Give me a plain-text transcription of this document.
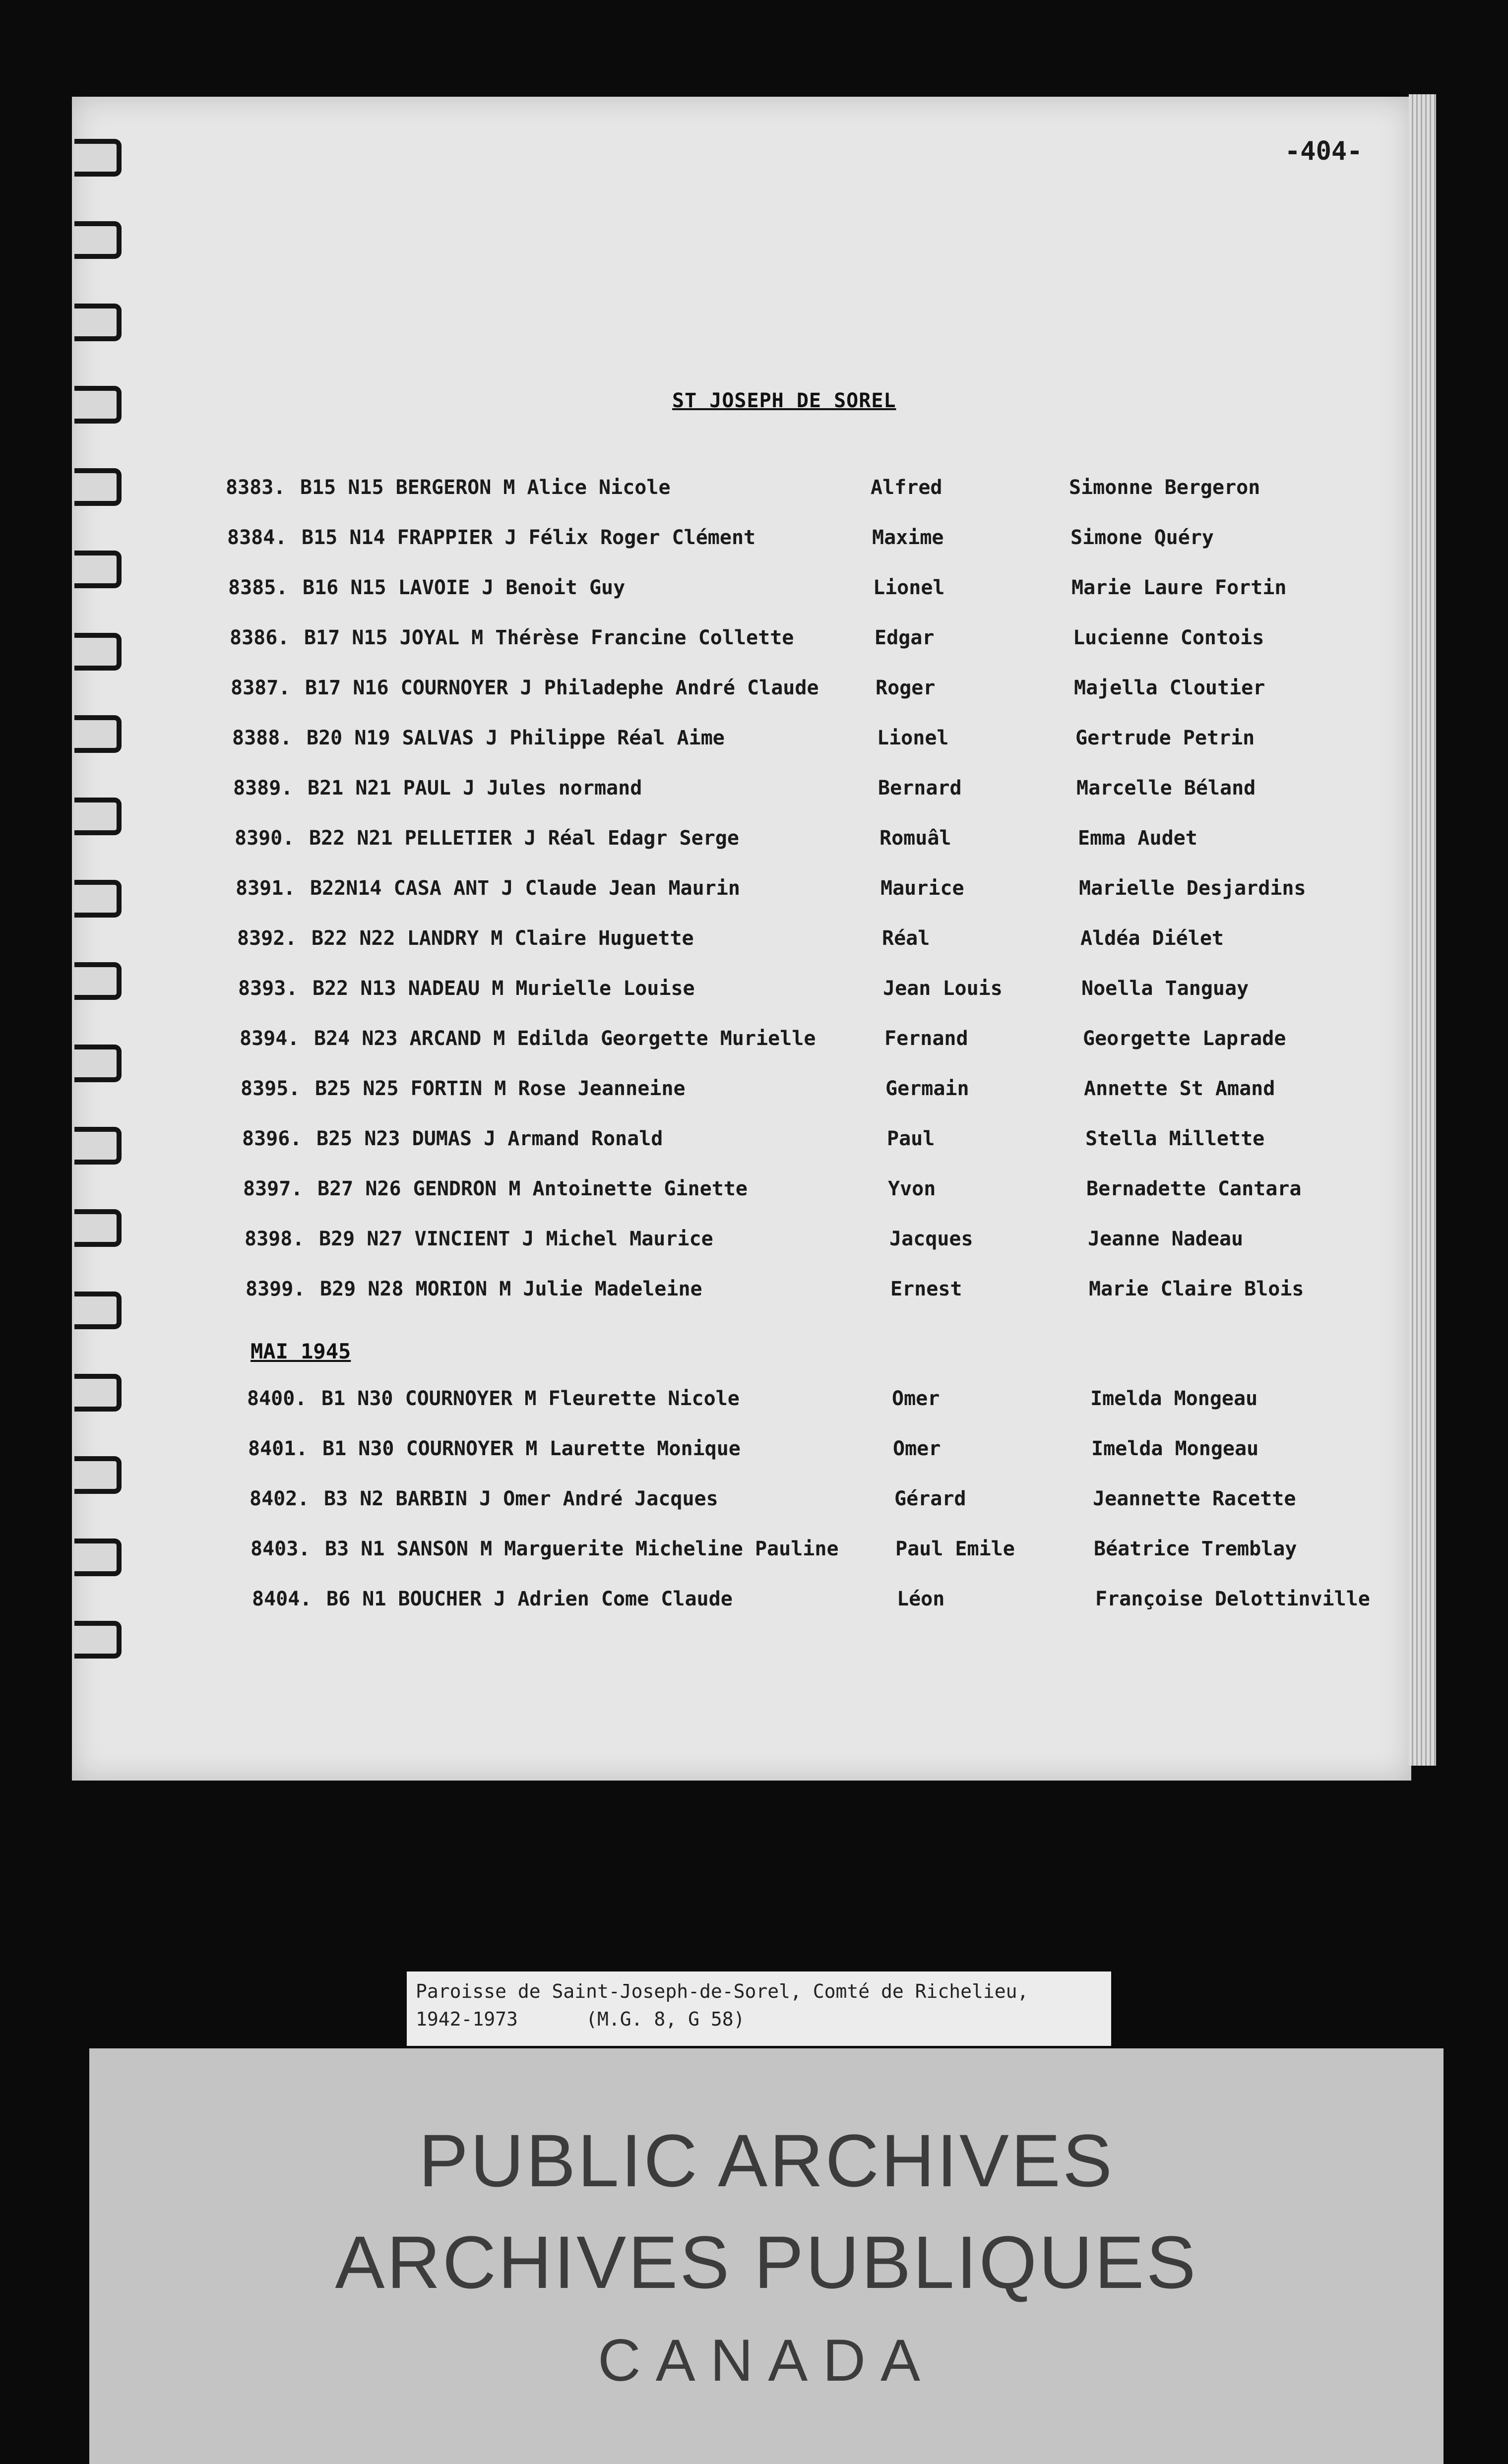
-404-
ST JOSEPH DE SOREL
8383. B15 N15 BERGERON M Alice Nicole	Alfred	Simonne Bergeron
8384. B15 N14 FRAPPIER J Félix Roger Clément	Maxime	Simone Quéry
8385. B16 N15 LAVOIE J Benoit Guy	Lionel	Marie Laure Fortin
8386. B17 N15 JOYAL M Thérèse Francine Collette	Edgar	Lucienne Contois
8387. B17 N16 COURNOYER J Philadephe André Claude	Roger	Majella Cloutier
8388. B20 N19 SALVAS J Philippe Réal Aime	Lionel	Gertrude Petrin
8389. B21 N21 PAUL J Jules normand	Bernard	Marcelle Béland
8390. B22 N21 PELLETIER J Réal Edagr Serge	Romuâl	Emma Audet
8391. B22N14 CASA ANT J Claude Jean Maurin	Maurice	Marielle Desjardins
8392. B22 N22 LANDRY M Claire Huguette	Réal	Aldéa Diélet
8393. B22 N13 NADEAU M Murielle Louise	Jean Louis	Noella Tanguay
8394. B24 N23 ARCAND M Edilda Georgette Murielle	Fernand	Georgette Laprade
8395. B25 N25 FORTIN M Rose Jeanneine	Germain	Annette St Amand
8396. B25 N23 DUMAS J Armand Ronald	Paul	Stella Millette
8397. B27 N26 GENDRON M Antoinette Ginette	Yvon	Bernadette Cantara
8398. B29 N27 VINCIENT J Michel Maurice	Jacques	Jeanne Nadeau
8399. B29 N28 MORION M Julie Madeleine	Ernest	Marie Claire Blois
8400. B1 N30 COURNOYER M Fleurette Nicole	Omer	Imelda Mongeau
8401. B1 N30 COURNOYER M Laurette Monique	Omer	Imelda Mongeau
8402. B3 N2 BARBIN J Omer André Jacques	Gérard	Jeannette Racette
8403. B3 N1 SANSON M Marguerite Micheline Pauline	Paul Emile	Béatrice Tremblay
8404. B6 N1 BOUCHER J Adrien Come Claude	Léon	Françoise Delottinville
MAI 1945
Paroisse de Saint-Joseph-de-Sorel, Comté de Richelieu,
1942-1973      (M.G. 8, G 58)
PUBLIC ARCHIVES
ARCHIVES PUBLIQUES
CANADA
